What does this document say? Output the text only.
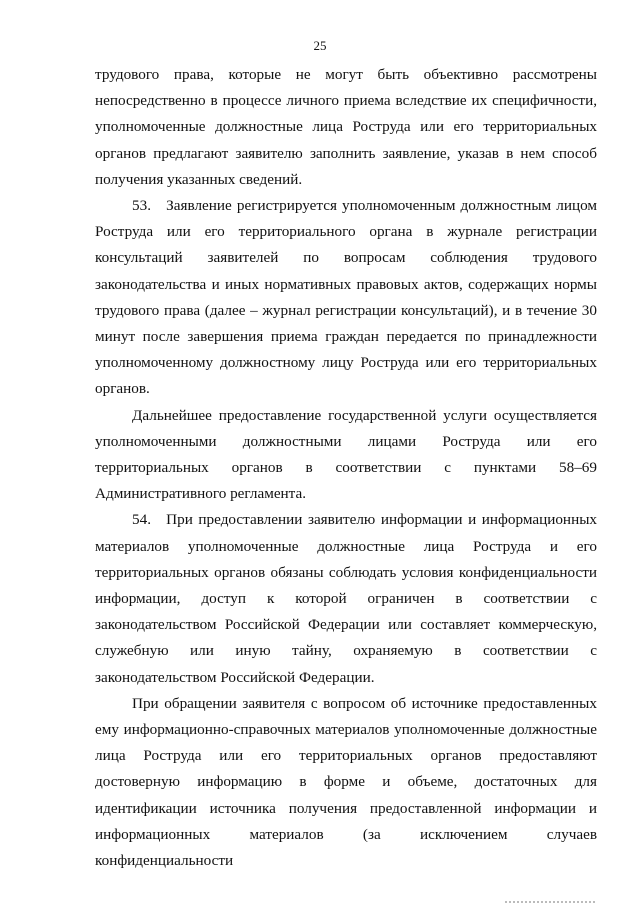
25

трудового права, которые не могут быть объективно рассмотрены непосредственно в процессе личного приема вследствие их специфичности, уполномоченные должностные лица Роструда или его территориальных органов предлагают заявителю заполнить заявление, указав в нем способ получения указанных сведений.

53. Заявление регистрируется уполномоченным должностным лицом Роструда или его территориального органа в журнале регистрации консультаций заявителей по вопросам соблюдения трудового законодательства и иных нормативных правовых актов, содержащих нормы трудового права (далее – журнал регистрации консультаций), и в течение 30 минут после завершения приема граждан передается по принадлежности уполномоченному должностному лицу Роструда или его территориальных органов.

Дальнейшее предоставление государственной услуги осуществляется уполномоченными должностными лицами Роструда или его территориальных органов в соответствии с пунктами 58–69 Административного регламента.

54. При предоставлении заявителю информации и информационных материалов уполномоченные должностные лица Роструда и его территориальных органов обязаны соблюдать условия конфиденциальности информации, доступ к которой ограничен в соответствии с законодательством Российской Федерации или составляет коммерческую, служебную или иную тайну, охраняемую в соответствии с законодательством Российской Федерации.

При обращении заявителя с вопросом об источнике предоставленных ему информационно-справочных материалов уполномоченные должностные лица Роструда или его территориальных органов предоставляют достоверную информацию в форме и объеме, достаточных для идентификации источника получения предоставленной информации и информационных материалов (за исключением случаев конфиденциальности
